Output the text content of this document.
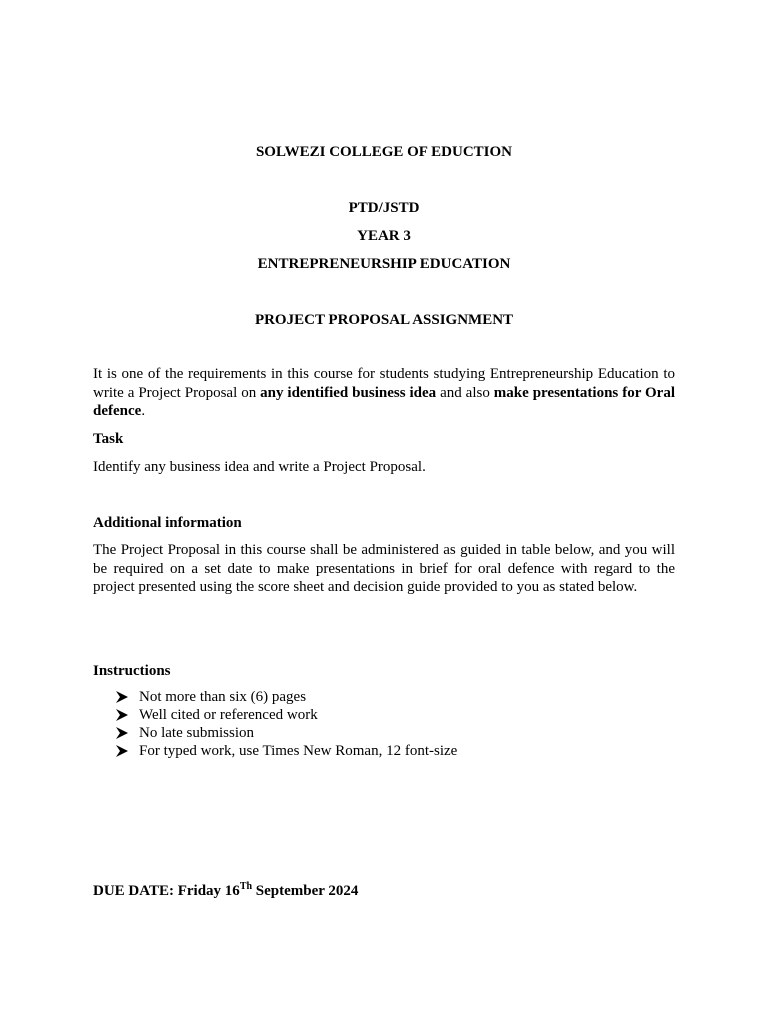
SOLWEZI COLLEGE OF EDUCTION
PTD/JSTD
YEAR 3
ENTREPRENEURSHIP EDUCATION
PROJECT PROPOSAL ASSIGNMENT
It is one of the requirements in this course for students studying Entrepreneurship Education to write a Project Proposal on any identified business idea and also make presentations for Oral defence.
Task
Identify any business idea and write a Project Proposal.
Additional information
The Project Proposal in this course shall be administered as guided in table below, and you will be required on a set date to make presentations in brief for oral defence with regard to the project presented using the score sheet and decision guide provided to you as stated below.
Instructions
Not more than six (6) pages
Well cited or referenced work
No late submission
For typed work, use Times New Roman, 12 font-size
DUE DATE: Friday 16Th September 2024
